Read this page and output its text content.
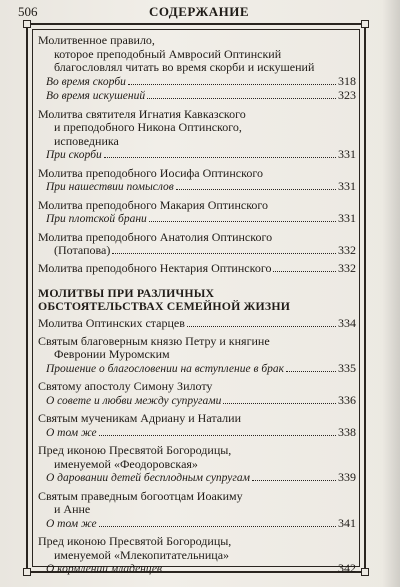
506	СОДЕРЖАНИЕ
Молитвенное правило,
которое преподобный Амвросий Оптинский
благословлял читать во время скорби и искушений
Во время скорби	318
Во время искушений	323
Молитва святителя Игнатия Кавказского
и преподобного Никона Оптинского,
исповедника
При скорби	331
Молитва преподобного Иосифа Оптинского
При нашествии помыслов	331
Молитва преподобного Макария Оптинского
При плотской брани	331
Молитва преподобного Анатолия Оптинского
(Потапова)	332
Молитва преподобного Нектария Оптинского	332
МОЛИТВЫ ПРИ РАЗЛИЧНЫХ
ОБСТОЯТЕЛЬСТВАХ СЕМЕЙНОЙ ЖИЗНИ
Молитва Оптинских старцев	334
Святым благоверным князю Петру и княгине
Февронии Муромским
Прошение о благословении на вступление в брак	335
Святому апостолу Симону Зилоту
О совете и любви между супругами	336
Святым мученикам Адриану и Наталии
О том же	338
Пред иконою Пресвятой Богородицы,
именуемой «Феодоровская»
О даровании детей бесплодным супругам	339
Святым праведным богоотцам Иоакиму
и Анне
О том же	341
Пред иконою Пресвятой Богородицы,
именуемой «Млекопитательница»
О кормлении младенцев	342
